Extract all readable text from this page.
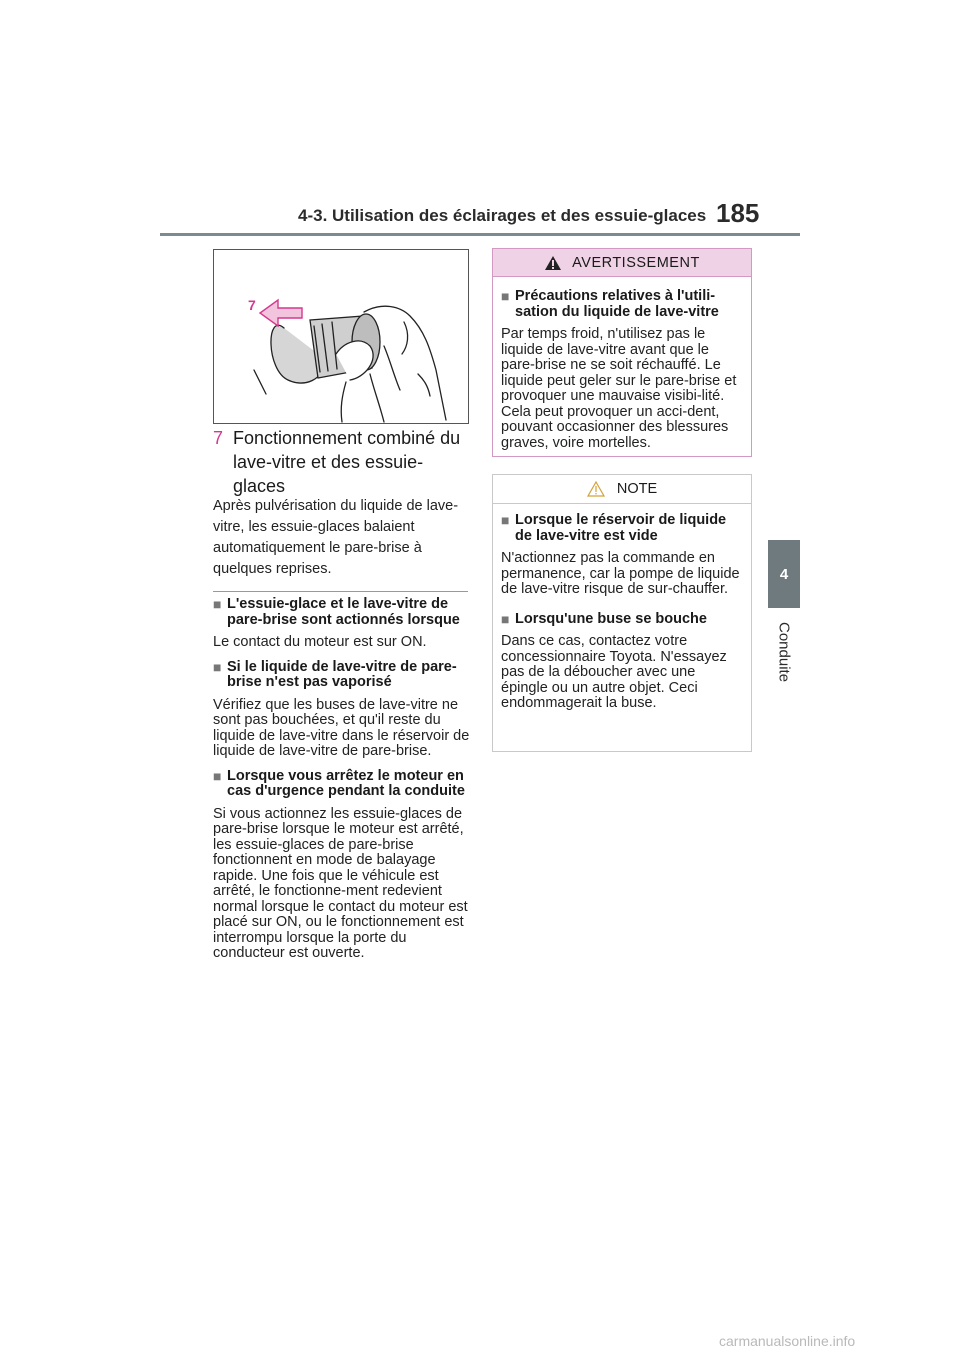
4-3. Utilisation des éclairages et des essuie-glaces 185
4
Conduite
7
7 Fonctionnement combiné du lave-vitre et des essuie-glaces
Après pulvérisation du liquide de lave-vitre, les essuie-glaces balaient automatiquement le pare-brise à quelques reprises.
■ L'essuie-glace et le lave-vitre de pare-brise sont actionnés lorsque
Le contact du moteur est sur ON.
■ Si le liquide de lave-vitre de pare-brise n'est pas vaporisé
Vérifiez que les buses de lave-vitre ne sont pas bouchées, et qu'il reste du liquide de lave-vitre dans le réservoir de liquide de lave-vitre de pare-brise.
■ Lorsque vous arrêtez le moteur en cas d'urgence pendant la conduite
Si vous actionnez les essuie-glaces de pare-brise lorsque le moteur est arrêté, les essuie-glaces de pare-brise fonctionnent en mode de balayage rapide. Une fois que le véhicule est arrêté, le fonctionne-ment redevient normal lorsque le contact du moteur est placé sur ON, ou le fonctionnement est interrompu lorsque la porte du conducteur est ouverte.
AVERTISSEMENT
■ Précautions relatives à l'utili-sation du liquide de lave-vitre
Par temps froid, n'utilisez pas le liquide de lave-vitre avant que le pare-brise ne se soit réchauffé. Le liquide peut geler sur le pare-brise et provoquer une mauvaise visibi-lité. Cela peut provoquer un acci-dent, pouvant occasionner des blessures graves, voire mortelles.
NOTE
■ Lorsque le réservoir de liquide de lave-vitre est vide
N'actionnez pas la commande en permanence, car la pompe de liquide de lave-vitre risque de sur-chauffer.
■ Lorsqu'une buse se bouche
Dans ce cas, contactez votre concessionnaire Toyota. N'essayez pas de la déboucher avec une épingle ou un autre objet. Ceci endommagerait la buse.
carmanualsonline.info
